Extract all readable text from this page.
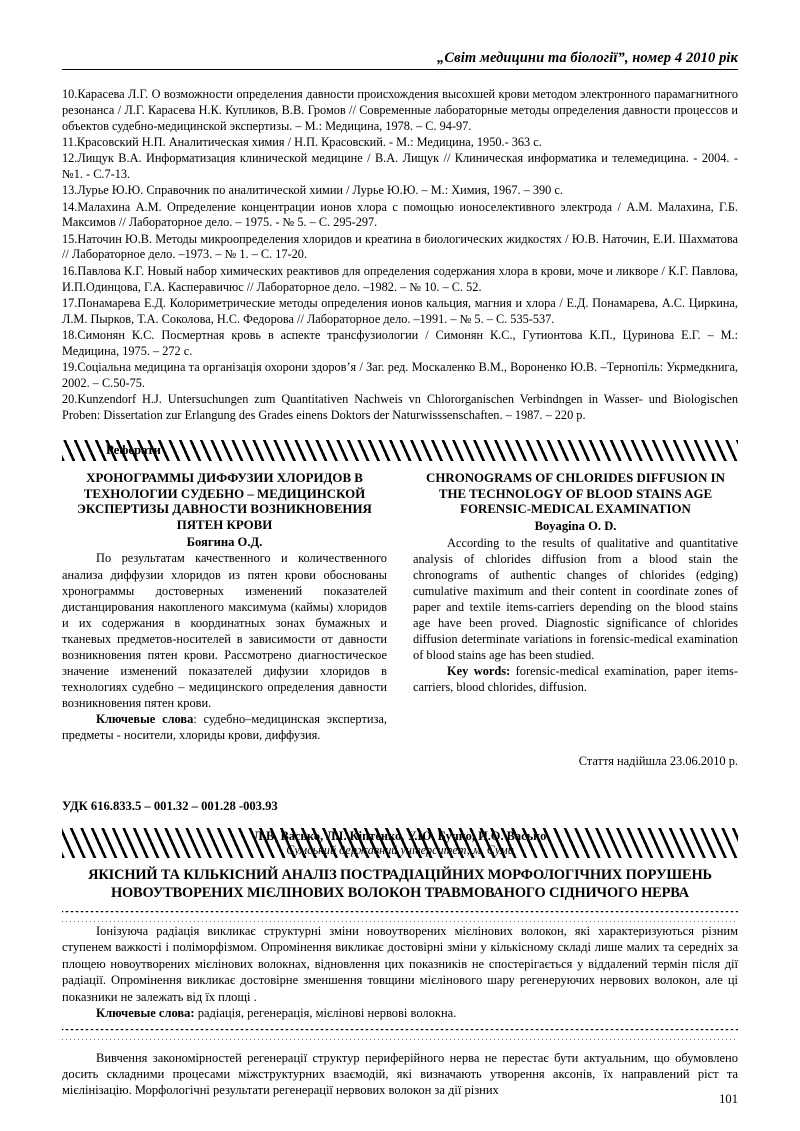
„Світ медицини та біології”, номер 4 2010 рік

10.Карасева Л.Г. О возможности определения давности происхождения высохшей крови методом электронного парамагнитного резонанса / Л.Г. Карасева Н.К. Купликов, В.В. Громов // Современные лабораторные методы определения давности процессов и объектов судебно-медицинской экспертизы. – М.: Медицина, 1978. – С. 94-97.

11.Красовский Н.П. Аналитическая химия / Н.П. Красовский. - М.: Медицина, 1950.- 363 с.

12.Лищук В.А. Информатизация клинической медицине / В.А. Лищук // Клиническая информатика и телемедицина. - 2004. - №1. - С.7-13.

13.Лурье Ю.Ю. Справочник по аналитической химии / Лурье Ю.Ю. – М.: Химия, 1967. – 390 с.

14.Малахина А.М. Определение концентрации ионов хлора с помощью ионоселективного электрода / А.М. Малахина, Г.Б. Максимов // Лабораторное дело. – 1975. - № 5. – С. 295-297.

15.Наточин Ю.В. Методы микроопределения хлоридов и креатина в биологических жидкостях / Ю.В. Наточин, Е.И. Шахматова // Лабораторное дело. –1973. – № 1. – С. 17-20.

16.Павлова К.Г. Новый набор химических реактивов для определения содержания хлора в крови, моче и ликворе / К.Г. Павлова, И.П.Одинцова, Г.А. Касперавичюс // Лабораторное дело. –1982. – № 10. – С. 52.

17.Понамарева Е.Д. Колориметрические методы определения ионов кальция, магния и хлора / Е.Д. Понамарева, А.С. Циркина, Л.М. Пырков, Т.А. Соколова, Н.С. Федорова // Лабораторное дело. –1991. – № 5. – С. 535-537.

18.Симонян К.С. Посмертная кровь в аспекте трансфузиологии / Симонян К.С., Гутионтова К.П., Цуринова Е.Г. – М.: Медицина, 1975. – 272 с.

19.Соціальна медицина та організація охорони здоров’я / Заг. ред. Москаленко В.М., Вороненко Ю.В. –Тернопіль: Укрмедкнига, 2002. – С.50-75.

20.Kunzendorf H.J. Untersuchungen zum Quantitativen Nachweis vn Chlororganischen Verbindngen in Wasser- und Biologischen Proben: Dissertation zur Erlangung des Grades einens Doktors der Naturwisssenschaften. – 1987. – 220 p.

Реферати

ХРОНОГРАММЫ ДИФФУЗИИ ХЛОРИДОВ В ТЕХНОЛОГИИ СУДЕБНО – МЕДИЦИНСКОЙ ЭКСПЕРТИЗЫ ДАВНОСТИ ВОЗНИКНОВЕНИЯ ПЯТЕН КРОВИ

Боягина О.Д.

По результатам качественного и количественного анализа диффузии хлоридов из пятен крови обоснованы хронограммы достоверных изменений показателей дистанцирования накопленого максимума (каймы) хлоридов и их содержания в координатных зонах бумажных и тканевых предметов-носителей в зависимости от давности возникновения пятен крови. Рассмотрено диагностическое значение изменений показателей дифузии хлоридов в технологиях судебно – медицинского определения давности возникновения пятен крови.

Ключевые слова: судебно–медицинская экспертиза, предметы - носители, хлориды крови, диффузия.

CHRONOGRAMS OF CHLORIDES DIFFUSION IN THE TECHNOLOGY OF BLOOD STAINS AGE FORENSIC-MEDICAL EXAMINATION

Boyagina O. D.

According to the results of qualitative and quantitative analysis of chlorides diffusion from a blood stain the chronograms of authentic changes of chlorides (edging) cumulative maximum and their content in coordinate zones of paper and textile items-carriers depending on the blood stains age have been proved. Diagnostic significance of chlorides diffusion determinate variations in forensic-medical examination of blood stains age has been studied.

Key words: forensic-medical examination, paper items-carriers, blood chlorides, diffusion.

Стаття надійшла 23.06.2010 р.
УДК 616.833.5 – 001.32 – 001.28 -003.93
Л.В. Васько, Л.І. Кіптенко, У.Ю. Бучко, И.О. Васько
Сумський державний університет, м. Суми
ЯКІСНИЙ ТА КІЛЬКІСНИЙ АНАЛІЗ ПОСТРАДІАЦІЙНИХ МОРФОЛОГІЧНИХ ПОРУШЕНЬ НОВОУТВОРЕНИХ МІЄЛІНОВИХ ВОЛОКОН ТРАВМОВАНОГО СІДНИЧОГО НЕРВА

Іонізуюча радіація викликає структурні зміни новоутворених мієлінових волокон, які характеризуються різним ступенем важкості і поліморфізмом. Опромінення викликає достовірні зміни у кількісному складі лише малих та середніх за площею новоутворених мієлінових волокнах, відновлення цих показників не спостерігається у віддалений термін після дії радіації. Опромінення викликає достовірне зменшення товщини мієлінового шару регенеруючих нервових волокон, але ці показники не залежать від їх площі .

Ключевые слова: радіація, регенерація, мієлінові нервові волокна.

Вивчення закономірностей регенерації структур периферійного нерва не перестає бути актуальним, що обумовлено досить складними процесами міжструктурних взаємодій, які визначають утворення аксонів, їх направлений ріст та мієлінізацію. Морфологічні результати регенерації нервових волокон за дії різних

101
